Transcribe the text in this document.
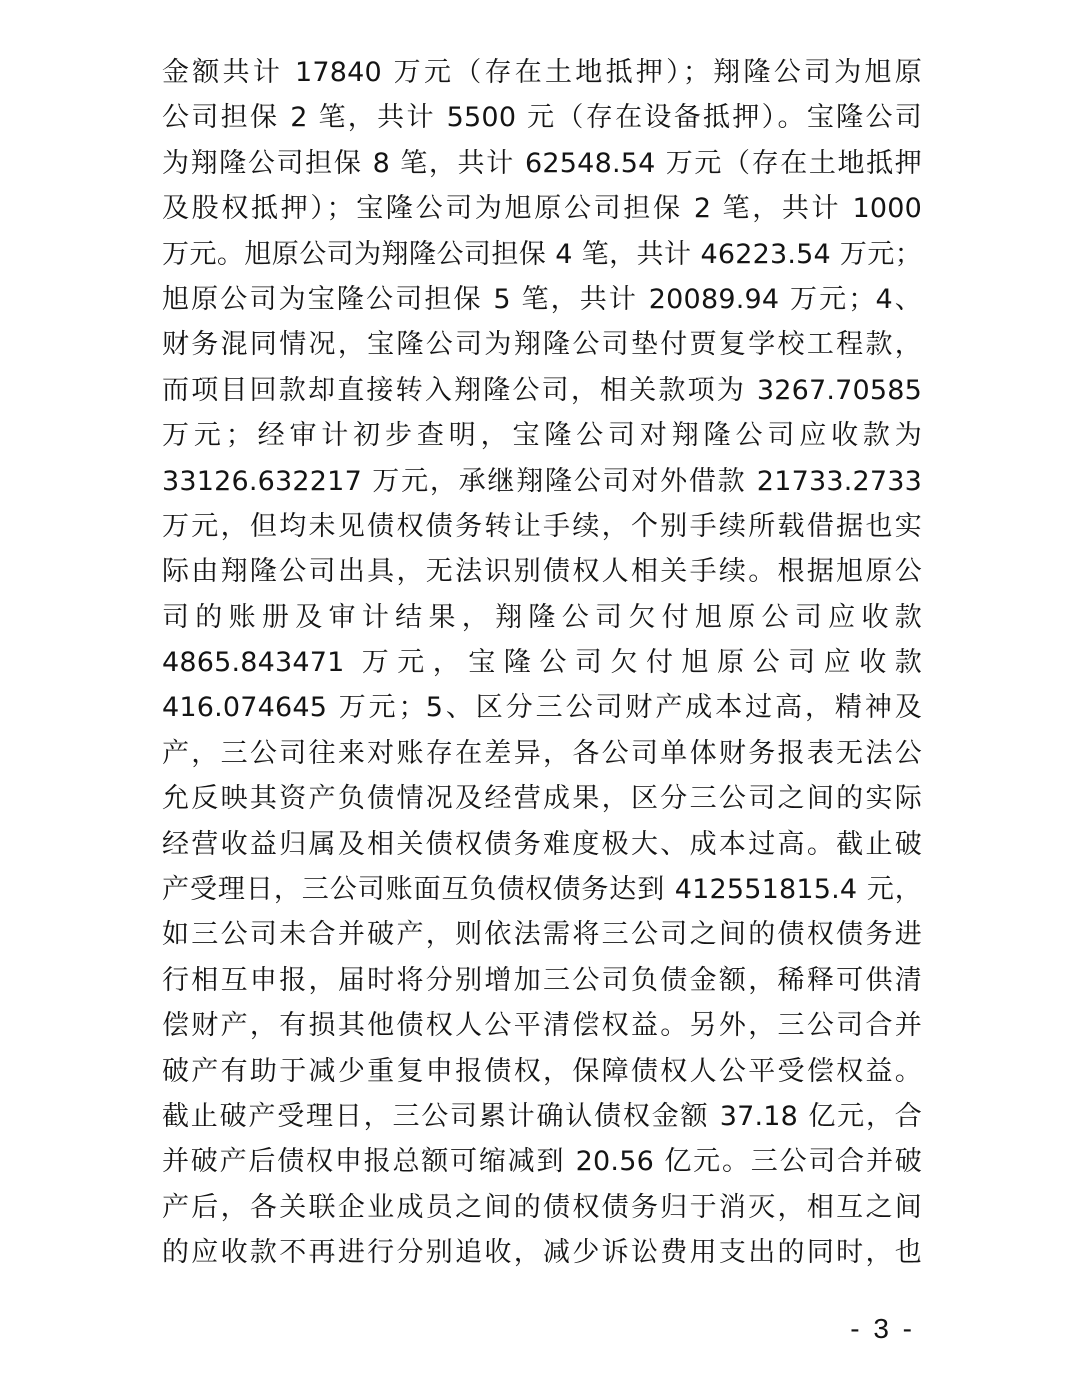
金额共计 17840 万元（存在土地抵押）；翔隆公司为旭原
公司担保 2 笔，共计 5500 元（存在设备抵押）。宝隆公司
为翔隆公司担保 8 笔，共计 62548.54 万元（存在土地抵押
及股权抵押）；宝隆公司为旭原公司担保 2 笔，共计 1000
万元。旭原公司为翔隆公司担保 4 笔，共计 46223.54 万元；
旭原公司为宝隆公司担保 5 笔，共计 20089.94 万元；4、
财务混同情况，宝隆公司为翔隆公司垫付贾复学校工程款，
而项目回款却直接转入翔隆公司，相关款项为 3267.70585
万元；经审计初步查明，宝隆公司对翔隆公司应收款为
33126.632217 万元，承继翔隆公司对外借款 21733.2733
万元，但均未见债权债务转让手续，个别手续所载借据也实
际由翔隆公司出具，无法识别债权人相关手续。根据旭原公
司的账册及审计结果，翔隆公司欠付旭原公司应收款
4865.843471 万元，宝隆公司欠付旭原公司应收款
416.074645 万元；5、区分三公司财产成本过高，精神及
产，三公司往来对账存在差异，各公司单体财务报表无法公
允反映其资产负债情况及经营成果，区分三公司之间的实际
经营收益归属及相关债权债务难度极大、成本过高。截止破
产受理日，三公司账面互负债权债务达到 412551815.4 元，
如三公司未合并破产，则依法需将三公司之间的债权债务进
行相互申报，届时将分别增加三公司负债金额，稀释可供清
偿财产，有损其他债权人公平清偿权益。另外，三公司合并
破产有助于减少重复申报债权，保障债权人公平受偿权益。
截止破产受理日，三公司累计确认债权金额 37.18 亿元，合
并破产后债权申报总额可缩减到 20.56 亿元。三公司合并破
产后，各关联企业成员之间的债权债务归于消灭，相互之间
的应收款不再进行分别追收，减少诉讼费用支出的同时，也
- 3 -
